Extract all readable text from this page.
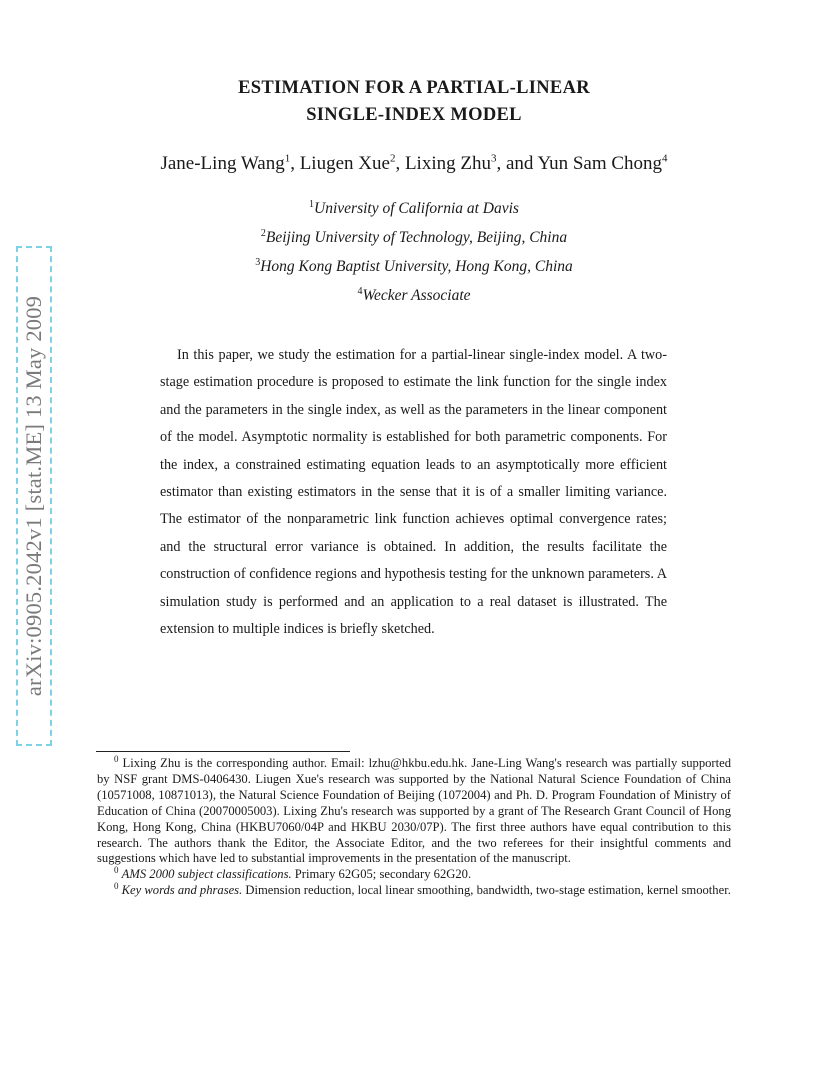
arXiv:0905.2042v1 [stat.ME] 13 May 2009
ESTIMATION FOR A PARTIAL-LINEAR
SINGLE-INDEX MODEL
Jane-Ling Wang$^1$, Liugen Xue$^2$, Lixing Zhu$^3$, and Yun Sam Chong$^4$
$^1$University of California at Davis
$^2$Beijing University of Technology, Beijing, China
$^3$Hong Kong Baptist University, Hong Kong, China
$^4$Wecker Associate
In this paper, we study the estimation for a partial-linear single-index model. A two-stage estimation procedure is proposed to estimate the link function for the single index and the parameters in the single index, as well as the parameters in the linear component of the model. Asymptotic normality is established for both parametric components. For the index, a constrained estimating equation leads to an asymptotically more efficient estimator than existing estimators in the sense that it is of a smaller limiting variance. The estimator of the nonparametric link function achieves optimal convergence rates; and the structural error variance is obtained. In addition, the results facilitate the construction of confidence regions and hypothesis testing for the unknown parameters. A simulation study is performed and an application to a real dataset is illustrated. The extension to multiple indices is briefly sketched.

$^0$ Lixing Zhu is the corresponding author. Email: lzhu@hkbu.edu.hk. Jane-Ling Wang's research was partially supported by NSF grant DMS-0406430. Liugen Xue's research was supported by the National Natural Science Foundation of China (10571008, 10871013), the Natural Science Foundation of Beijing (1072004) and Ph. D. Program Foundation of Ministry of Education of China (20070005003). Lixing Zhu's research was supported by a grant of The Research Grant Council of Hong Kong, Hong Kong, China (HKBU7060/04P and HKBU 2030/07P). The first three authors have equal contribution to this research. The authors thank the Editor, the Associate Editor, and the two referees for their insightful comments and suggestions which have led to substantial improvements in the presentation of the manuscript.

$^0$ AMS 2000 subject classifications. Primary 62G05; secondary 62G20.

$^0$ Key words and phrases. Dimension reduction, local linear smoothing, bandwidth, two-stage estimation, kernel smoother.
